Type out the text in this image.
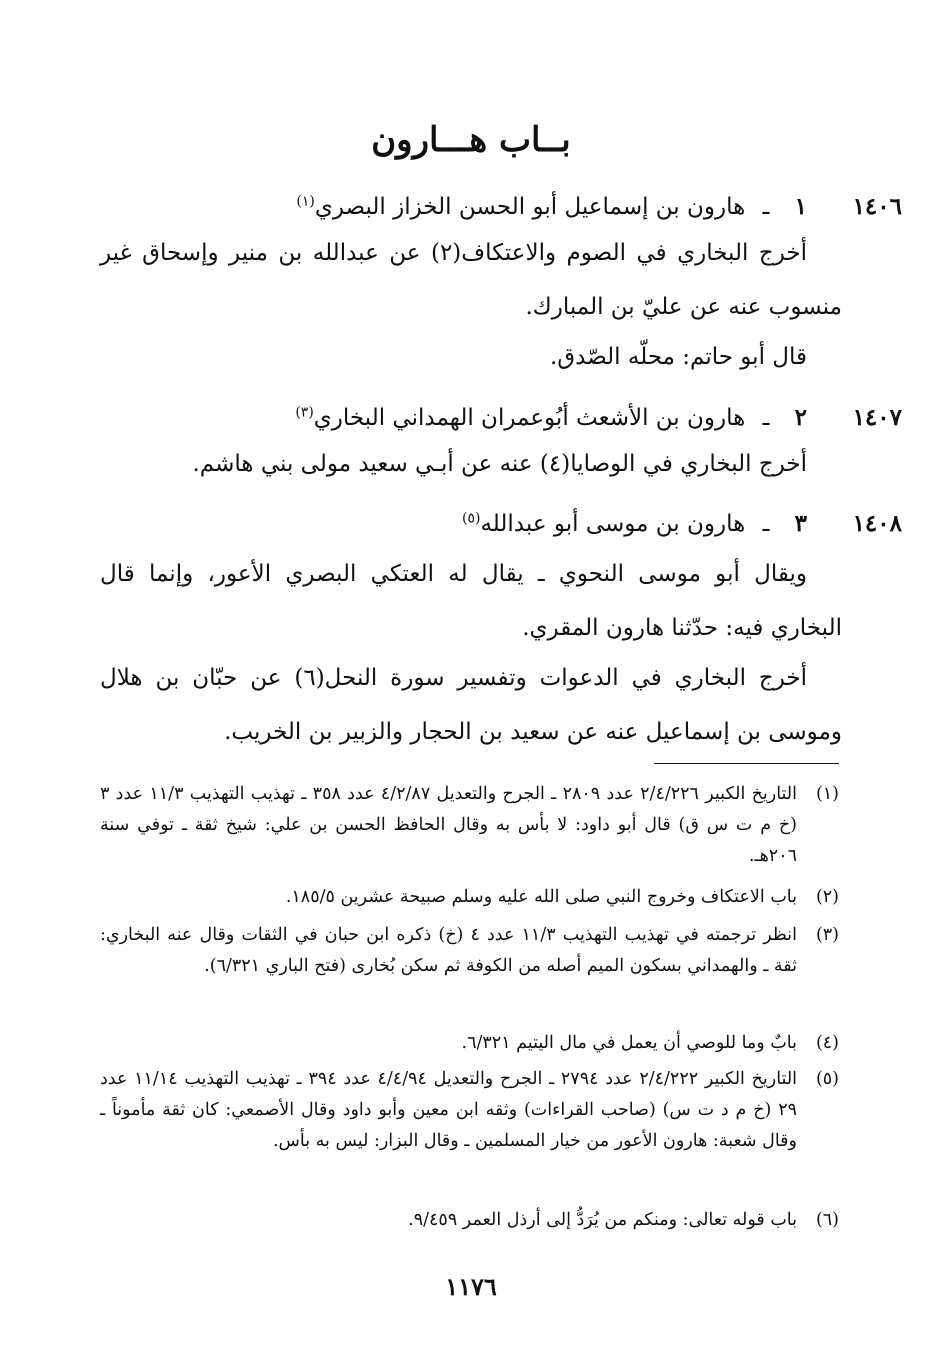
بــاب هـــارون
١٤٠٦
١ ـ هارون بن إسماعيل أبو الحسن الخزاز البصري$^{(١)}$
أخرج البخاري في الصوم والاعتكاف(٢) عن عبدالله بن منير وإسحاق غير منسوب عنه عن عليّ بن المبارك.
قال أبو حاتم: محلّه الصّدق.
١٤٠٧
٢ ـ هارون بن الأشعث أبُوعمران الهمداني البخاري$^{(٣)}$
أخرج البخاري في الوصايا(٤) عنه عن أبـي سعيد مولى بني هاشم.
١٤٠٨
٣ ـ هارون بن موسى أبو عبدالله$^{(٥)}$
ويقال أبو موسى النحوي ـ يقال له العتكي البصري الأعور، وإنما قال البخاري فيه: حدّثنا هارون المقري.
أخرج البخاري في الدعوات وتفسير سورة النحل(٦) عن حبّان بن هلال وموسى بن إسماعيل عنه عن سعيد بن الحجار والزبير بن الخريب.
(١)
التاريخ الكبير ٢/٤/٢٢٦ عدد ٢٨٠٩ ـ الجرح والتعديل ٤/٢/٨٧ عدد ٣٥٨ ـ تهذيب التهذيب ١١/٣ عدد ٣ (خ م ت س ق) قال أبو داود: لا بأس به وقال الحافظ الحسن بن علي: شيخ ثقة ـ توفي سنة ٢٠٦هـ.
(٢)
باب الاعتكاف وخروج النبي صلى الله عليه وسلم صبيحة عشرين ١٨٥/٥.
(٣)
انظر ترجمته في تهذيب التهذيب ١١/٣ عدد ٤ (خ) ذكره ابن حبان في الثقات وقال عنه البخاري: ثقة ـ والهمداني بسكون الميم أصله من الكوفة ثم سكن بُخارى (فتح الباري ٦/٣٢١).
(٤)
بابٌ وما للوصي أن يعمل في مال اليتيم ٦/٣٢١.
(٥)
التاريخ الكبير ٢/٤/٢٢٢ عدد ٢٧٩٤ ـ الجرح والتعديل ٤/٤/٩٤ عدد ٣٩٤ ـ تهذيب التهذيب ١١/١٤ عدد ٢٩ (خ م د ت س) (صاحب القراءات) وثقه ابن معين وأبو داود وقال الأصمعي: كان ثقة مأموناً ـ وقال شعبة: هارون الأعور من خيار المسلمين ـ وقال البزار: ليس به بأس.
(٦)
باب قوله تعالى: ومنكم من يُرَدُّ إلى أرذل العمر ٩/٤٥٩.
١١٧٦
